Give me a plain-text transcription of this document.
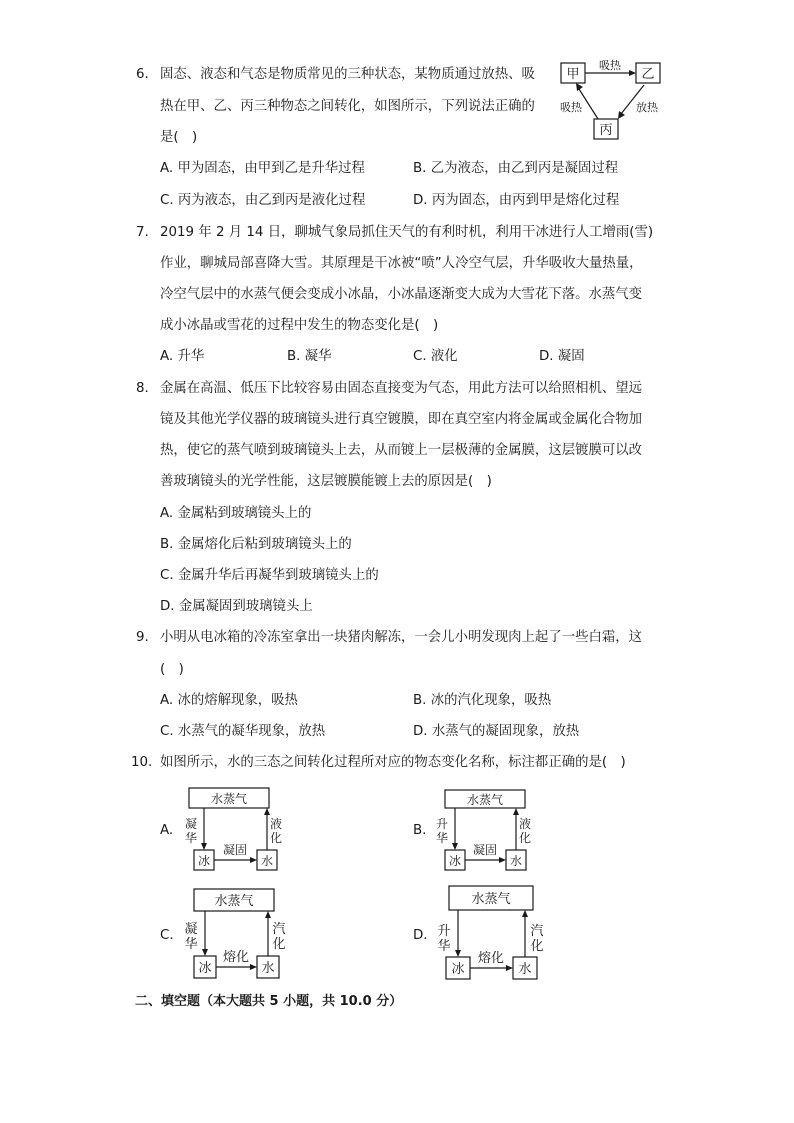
6. 固态、液态和气态是物质常见的三种状态，某物质通过放热、吸
热在甲、乙、丙三种物态之间转化，如图所示，下列说法正确的
是(　)
甲	乙
丙
吸热
放热
吸热
A. 甲为固态，由甲到乙是升华过程	B. 乙为液态，由乙到丙是凝固过程
C. 丙为液态，由乙到丙是液化过程	D. 丙为固态，由丙到甲是熔化过程
7. 2019 年 2 月 14 日，聊城气象局抓住天气的有利时机，利用干冰进行人工增雨(雪)
作业，聊城局部喜降大雪。其原理是干冰被“喷”人冷空气层，升华吸收大量热量，
冷空气层中的水蒸气便会变成小冰晶，小冰晶逐渐变大成为大雪花下落。水蒸气变
成小冰晶或雪花的过程中发生的物态变化是(　)
A. 升华	B. 凝华	C. 液化	D. 凝固
8. 金属在高温、低压下比较容易由固态直接变为气态，用此方法可以给照相机、望远
镜及其他光学仪器的玻璃镜头进行真空镀膜，即在真空室内将金属或金属化合物加
热，使它的蒸气喷到玻璃镜头上去，从而镀上一层极薄的金属膜，这层镀膜可以改
善玻璃镜头的光学性能，这层镀膜能镀上去的原因是(　)
A. 金属粘到玻璃镜头上的
B. 金属熔化后粘到玻璃镜头上的
C. 金属升华后再凝华到玻璃镜头上的
D. 金属凝固到玻璃镜头上
9. 小明从电冰箱的冷冻室拿出一块猪肉解冻，一会儿小明发现肉上起了一些白霜，这
(　)
A. 冰的熔解现象，吸热	B. 冰的汽化现象，吸热
C. 水蒸气的凝华现象，放热	D. 水蒸气的凝固现象，放热
10. 如图所示，水的三态之间转化过程所对应的物态变化名称，标注都正确的是(　)
A.
水蒸气
冰	水
凝
华
液
化
凝固
B.
水蒸气
冰	水
升
华
液
化
凝固
C.
水蒸气
冰	水
凝
华
汽
化
熔化
D.
水蒸气
冰	水
升
华
汽
化
熔化
二、填空题（本大题共 5 小题，共 10.0 分）
